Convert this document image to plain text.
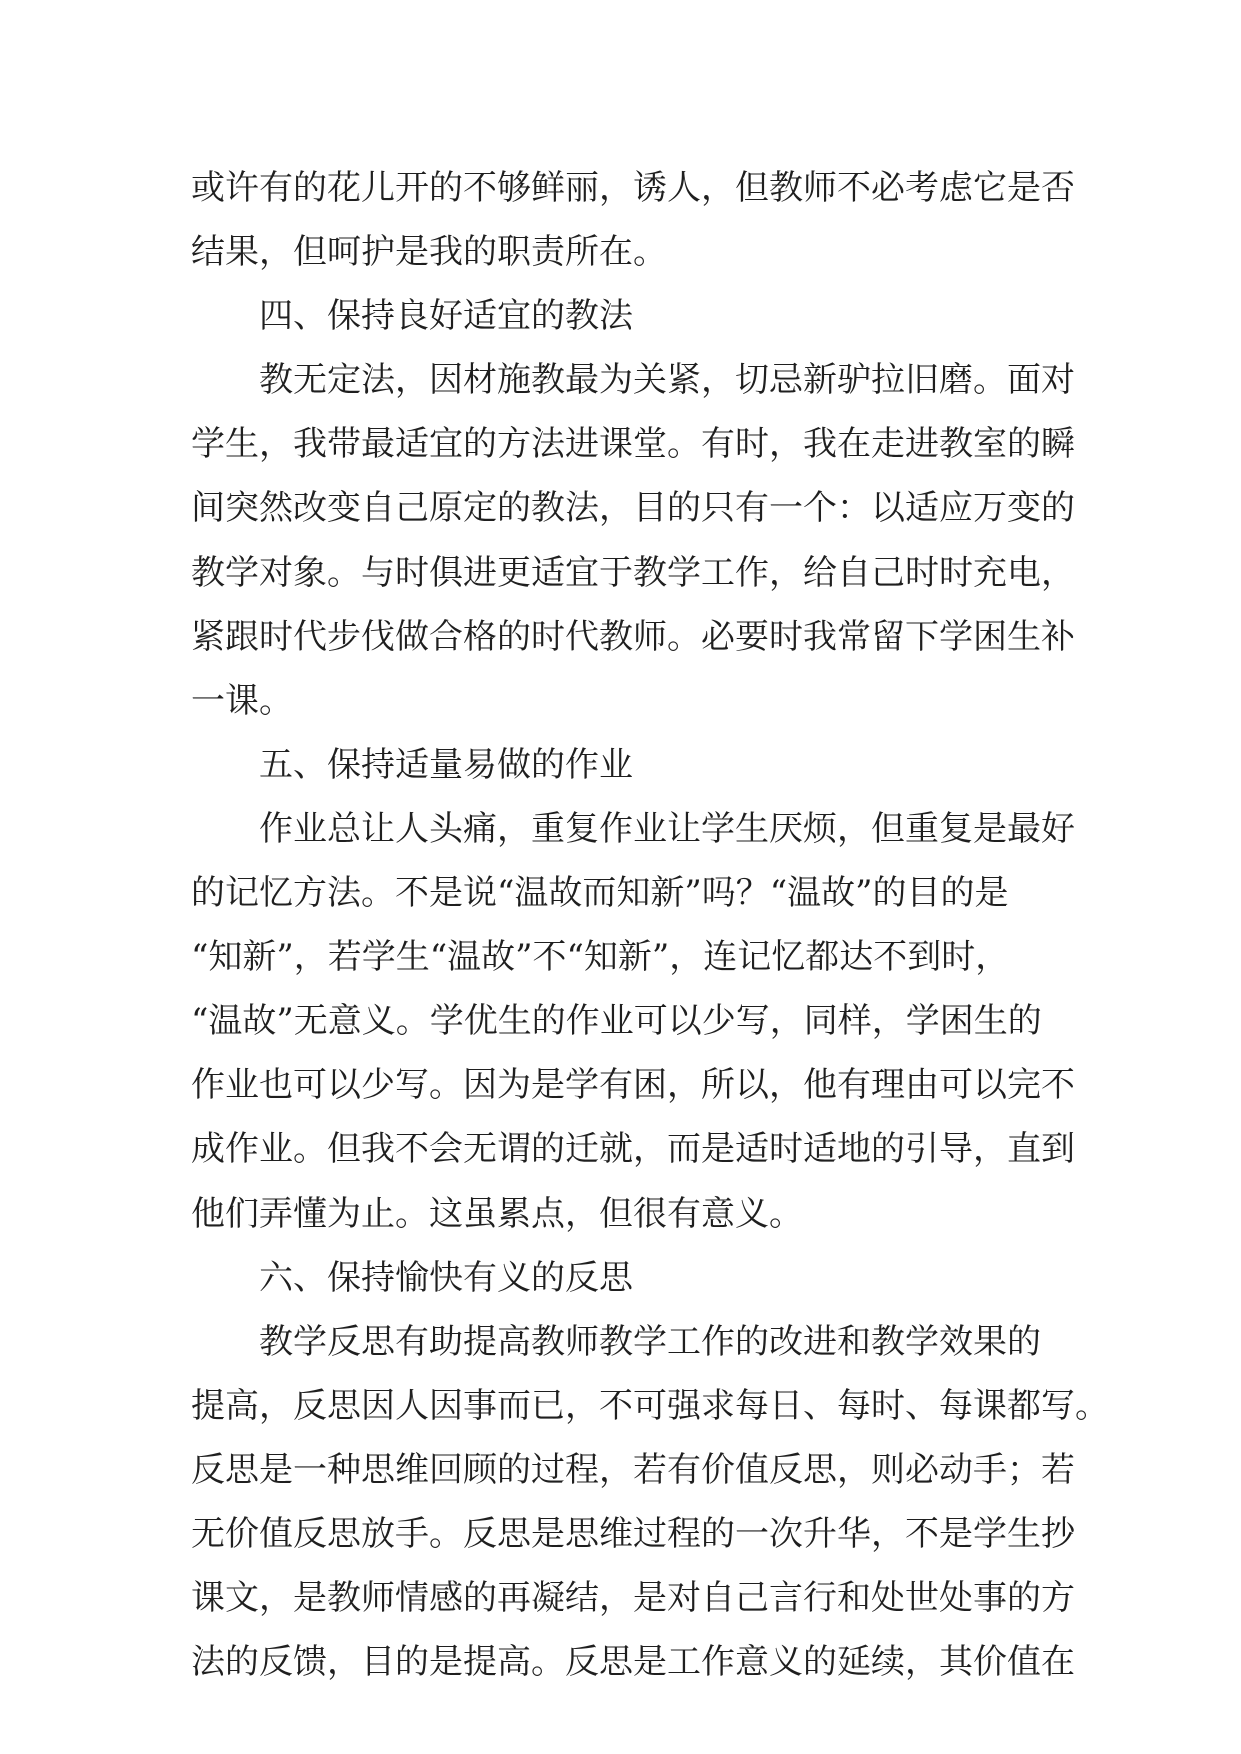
或许有的花儿开的不够鲜丽，诱人，但教师不必考虑它是否
结果，但呵护是我的职责所在。
四、保持良好适宜的教法
教无定法，因材施教最为关紧，切忌新驴拉旧磨。面对
学生，我带最适宜的方法进课堂。有时，我在走进教室的瞬
间突然改变自己原定的教法，目的只有一个：以适应万变的
教学对象。与时俱进更适宜于教学工作，给自己时时充电，
紧跟时代步伐做合格的时代教师。必要时我常留下学困生补
一课。
五、保持适量易做的作业
作业总让人头痛，重复作业让学生厌烦，但重复是最好
的记忆方法。不是说“温故而知新”吗？“温故”的目的是
“知新”，若学生“温故”不“知新”，连记忆都达不到时，
“温故”无意义。学优生的作业可以少写，同样，学困生的
作业也可以少写。因为是学有困，所以，他有理由可以完不
成作业。但我不会无谓的迁就，而是适时适地的引导，直到
他们弄懂为止。这虽累点，但很有意义。
六、保持愉快有义的反思
教学反思有助提高教师教学工作的改进和教学效果的
提高，反思因人因事而已，不可强求每日、每时、每课都写。
反思是一种思维回顾的过程，若有价值反思，则必动手；若
无价值反思放手。反思是思维过程的一次升华，不是学生抄
课文，是教师情感的再凝结，是对自己言行和处世处事的方
法的反馈，目的是提高。反思是工作意义的延续，其价值在
